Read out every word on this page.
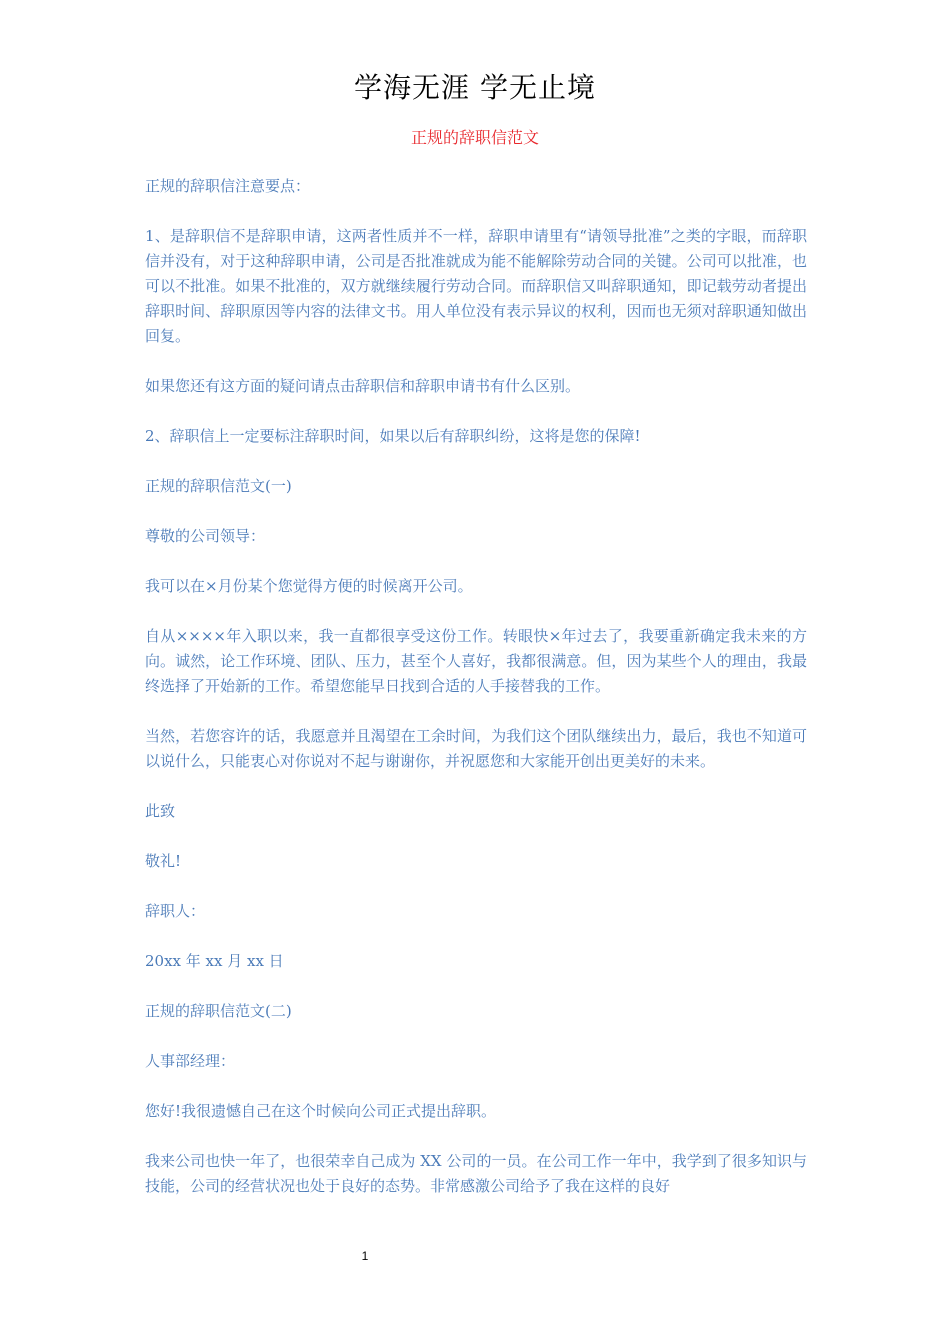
学海无涯 学无止境
正规的辞职信范文

正规的辞职信注意要点：

1、是辞职信不是辞职申请，这两者性质并不一样，辞职申请里有“请领导批准”之类的字眼，而辞职信并没有，对于这种辞职申请，公司是否批准就成为能不能解除劳动合同的关键。公司可以批准，也可以不批准。如果不批准的，双方就继续履行劳动合同。而辞职信又叫辞职通知，即记载劳动者提出辞职时间、辞职原因等内容的法律文书。用人单位没有表示异议的权利，因而也无须对辞职通知做出回复。

如果您还有这方面的疑问请点击辞职信和辞职申请书有什么区别。

2、辞职信上一定要标注辞职时间，如果以后有辞职纠纷，这将是您的保障!

正规的辞职信范文(一)

尊敬的公司领导：

我可以在×月份某个您觉得方便的时候离开公司。

自从××××年入职以来，我一直都很享受这份工作。转眼快×年过去了，我要重新确定我未来的方向。诚然，论工作环境、团队、压力，甚至个人喜好，我都很满意。但，因为某些个人的理由，我最终选择了开始新的工作。希望您能早日找到合适的人手接替我的工作。

当然，若您容许的话，我愿意并且渴望在工余时间，为我们这个团队继续出力，最后，我也不知道可以说什么，只能衷心对你说对不起与谢谢你，并祝愿您和大家能开创出更美好的未来。

此致

敬礼!

辞职人：

20xx 年 xx 月 xx 日

正规的辞职信范文(二)

人事部经理：

您好!我很遗憾自己在这个时候向公司正式提出辞职。

我来公司也快一年了，也很荣幸自己成为 XX 公司的一员。在公司工作一年中，我学到了很多知识与技能，公司的经营状况也处于良好的态势。非常感激公司给予了我在这样的良好

1
